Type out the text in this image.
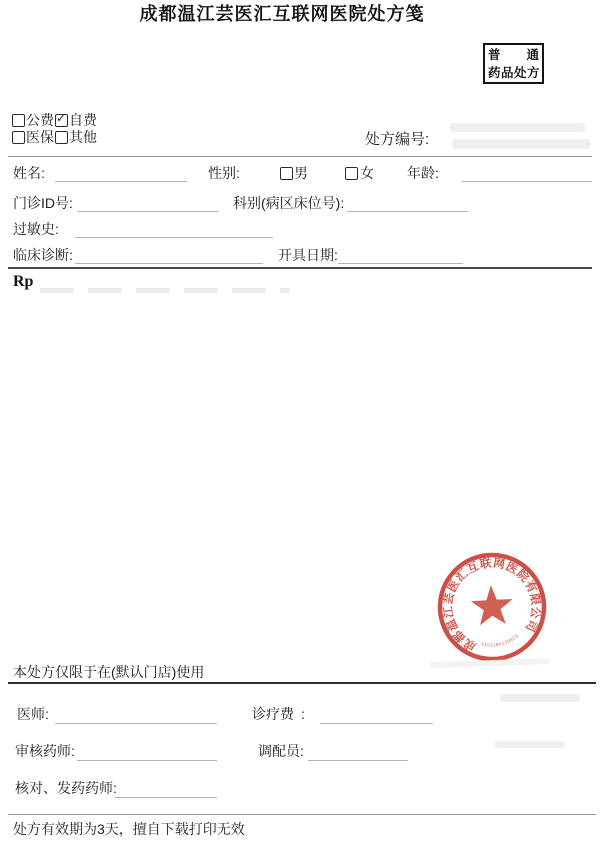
成都温江芸医汇互联网医院处方笺
普 通
药品处方
公费 ✓ 自费
医保 其他	处方编号:
姓名:	性别:	男	女 年龄:
门诊ID号:	科别(病区床位号):
过敏史:
临床诊断:	开具日期:
Rp
成都温江芸医汇互联网医院有限公司
5101180120623
本处方仅限于在(默认门店)使用
医师:	诊疗费 :
审核药师:	调配员:
核对、发药药师:
处方有效期为3天，擅自下载打印无效
